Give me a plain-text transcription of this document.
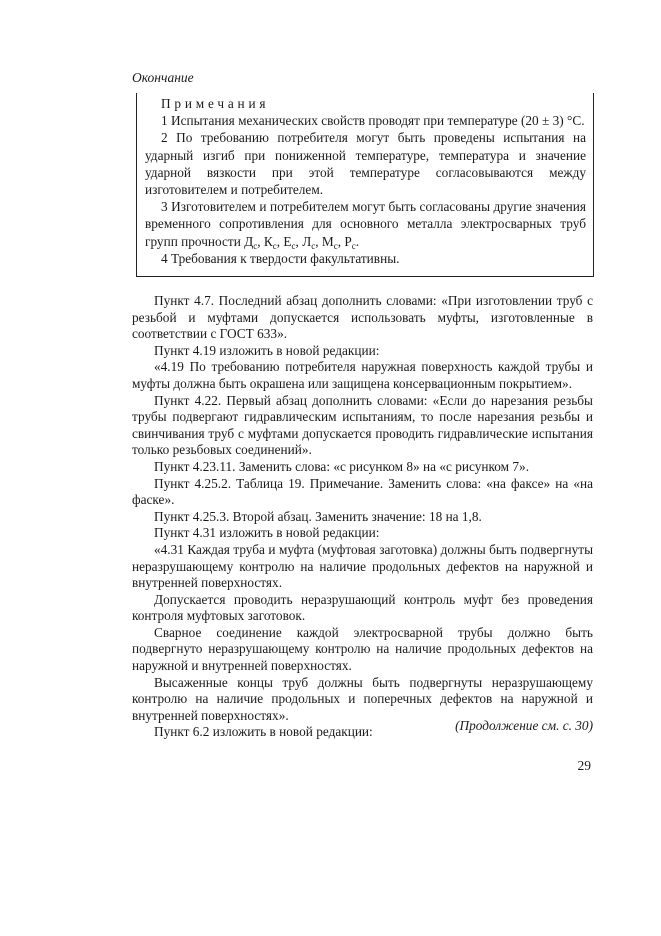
Окончание
Примечания
1 Испытания механических свойств проводят при температуре (20 ± 3) °С.
2 По требованию потребителя могут быть проведены испытания на ударный изгиб при пониженной температуре, температура и значение ударной вязкости при этой температуре согласовываются между изготовителем и потребителем.
3 Изготовителем и потребителем могут быть согласованы другие значения временного сопротивления для основного металла электросварных труб групп прочности $Д_с$, $К_с$, $Е_с$, $Л_с$, $М_с$, $Р_с$.
4 Требования к твердости факультативны.
Пункт 4.7. Последний абзац дополнить словами: «При изготовлении труб с резьбой и муфтами допускается использовать муфты, изготовленные в соответствии с ГОСТ 633».
Пункт 4.19 изложить в новой редакции:
«4.19 По требованию потребителя наружная поверхность каждой трубы и муфты должна быть окрашена или защищена консервационным покрытием».
Пункт 4.22. Первый абзац дополнить словами: «Если до нарезания резьбы трубы подвергают гидравлическим испытаниям, то после нарезания резьбы и свинчивания труб с муфтами допускается проводить гидравлические испытания только резьбовых соединений».
Пункт 4.23.11. Заменить слова: «с рисунком 8» на «с рисунком 7».
Пункт 4.25.2. Таблица 19. Примечание. Заменить слова: «на факсе» на «на фаске».
Пункт 4.25.3. Второй абзац. Заменить значение: 18 на 1,8.
Пункт 4.31 изложить в новой редакции:
«4.31 Каждая труба и муфта (муфтовая заготовка) должны быть подвергнуты неразрушающему контролю на наличие продольных дефектов на наружной и внутренней поверхностях.
Допускается проводить неразрушающий контроль муфт без проведения контроля муфтовых заготовок.
Сварное соединение каждой электросварной трубы должно быть подвергнуто неразрушающему контролю на наличие продольных дефектов на наружной и внутренней поверхностях.
Высаженные концы труб должны быть подвергнуты неразрушающему контролю на наличие продольных и поперечных дефектов на наружной и внутренней поверхностях».
Пункт 6.2 изложить в новой редакции:	(Продолжение см. с. 30)
29
